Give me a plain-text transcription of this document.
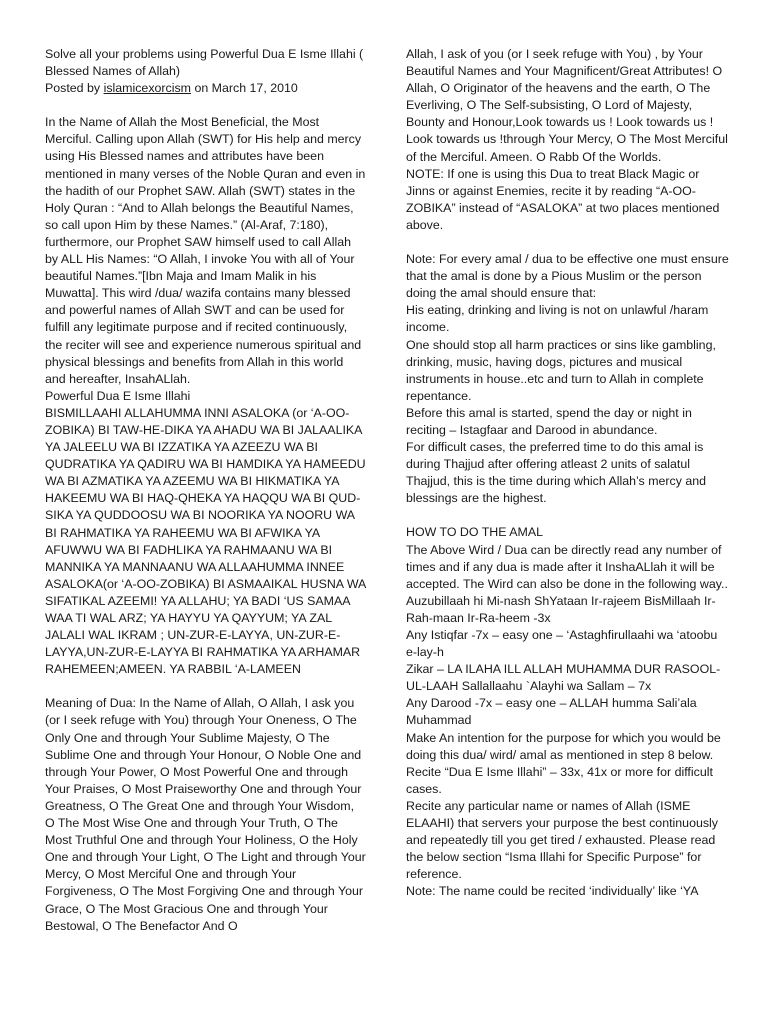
Solve all your problems using Powerful Dua E Isme Illahi ( Blessed Names of Allah)

Posted by islamicexorcism on March 17, 2010

In the Name of Allah the Most Beneficial, the Most Merciful. Calling upon Allah (SWT) for His help and mercy using His Blessed names and attributes have been mentioned in many verses of the Noble Quran and even in the hadith of our Prophet SAW. Allah (SWT) states in the Holy Quran : “And to Allah belongs the Beautiful Names, so call upon Him by these Names.” (Al-Araf, 7:180), furthermore, our Prophet SAW himself used to call Allah by ALL His Names: “O Allah, I invoke You with all of Your beautiful Names.”[Ibn Maja and Imam Malik in his Muwatta]. This wird /dua/ wazifa contains many blessed and powerful names of Allah SWT and can be used for fulfill any legitimate purpose and if recited continuously, the reciter will see and experience numerous spiritual and physical blessings and benefits from Allah in this world and hereafter, InsahALlah.

Powerful Dua E Isme Illahi

BISMILLAAHI ALLAHUMMA INNI ASALOKA (or ‘A-OO-ZOBIKA) BI TAW-HE-DIKA YA AHADU WA BI JALAALIKA YA JALEELU WA BI IZZATIKA YA AZEEZU WA BI QUDRATIKA YA QADIRU WA BI HAMDIKA YA HAMEEDU WA BI AZMATIKA YA AZEEMU WA BI HIKMATIKA YA HAKEEMU WA BI HAQ-QHEKA YA HAQQU WA BI QUD-SIKA YA QUDDOOSU WA BI NOORIKA YA NOORU WA BI RAHMATIKA YA RAHEEMU WA BI AFWIKA YA AFUWWU WA BI FADHLIKA YA RAHMAANU WA BI MANNIKA YA MANNAANU WA ALLAAHUMMA INNEE ASALOKA(or ‘A-OO-ZOBIKA) BI ASMAAIKAL HUSNA WA SIFATIKAL AZEEMI! YA ALLAHU; YA BADI ‘US SAMAA WAA TI WAL ARZ; YA HAYYU YA QAYYUM; YA ZAL JALALI WAL IKRAM ; UN-ZUR-E-LAYYA, UN-ZUR-E-LAYYA,UN-ZUR-E-LAYYA BI RAHMATIKA YA ARHAMAR RAHEMEEN;AMEEN. YA RABBIL ‘A-LAMEEN

Meaning of Dua: In the Name of Allah, O Allah, I ask you (or I seek refuge with You) through Your Oneness, O The Only One and through Your Sublime Majesty, O The Sublime One and through Your Honour, O Noble One and through Your Power, O Most Powerful One and through Your Praises, O Most Praiseworthy One and through Your Greatness, O The Great One and through Your Wisdom, O The Most Wise One and through Your Truth, O The Most Truthful One and through Your Holiness, O the Holy One and through Your Light, O The Light and through Your Mercy, O Most Merciful One and through Your Forgiveness, O The Most Forgiving One and through Your Grace, O The Most Gracious One and through Your Bestowal, O The Benefactor And O

Allah, I ask of you (or I seek refuge with You) , by Your Beautiful Names and Your Magnificent/Great Attributes! O Allah, O Originator of the heavens and the earth, O The Everliving, O The Self-subsisting, O Lord of Majesty, Bounty and Honour,Look towards us ! Look towards us ! Look towards us !through Your Mercy, O The Most Merciful of the Merciful. Ameen. O Rabb Of the Worlds.

NOTE: If one is using this Dua to treat Black Magic or Jinns or against Enemies, recite it by reading “A-OO-ZOBIKA” instead of “ASALOKA” at two places mentioned above.

Note: For every amal / dua to be effective one must ensure that the amal is done by a Pious Muslim or the person doing the amal should ensure that:

His eating, drinking and living is not on unlawful /haram income.

One should stop all harm practices or sins like gambling, drinking, music, having dogs, pictures and musical instruments in house..etc and turn to Allah in complete repentance.

Before this amal is started, spend the day or night in reciting – Istagfaar and Darood in abundance.

For difficult cases, the preferred time to do this amal is during Thajjud after offering atleast 2 units of salatul Thajjud, this is the time during which Allah’s mercy and blessings are the highest.

HOW TO DO THE AMAL

The Above Wird / Dua can be directly read any number of times and if any dua is made after it InshaALlah it will be accepted. The Wird can also be done in the following way..

Auzubillaah hi Mi-nash ShYataan Ir-rajeem BisMillaah Ir-Rah-maan Ir-Ra-heem -3x

Any Istiqfar -7x – easy one – ‘Astaghfirullaahi wa ‘atoobu e-lay-h

Zikar – LA ILAHA ILL ALLAH MUHAMMA DUR RASOOL-UL-LAAH Sallallaahu `Alayhi wa Sallam – 7x

Any Darood -7x – easy one – ALLAH humma Sali’ala Muhammad

Make An intention for the purpose for which you would be doing this dua/ wird/ amal as mentioned in step 8 below.

Recite “Dua E Isme Illahi” – 33x, 41x or more for difficult cases.

Recite any particular name or names of Allah (ISME ELAAHI) that servers your purpose the best continuously and repeatedly till you get tired / exhausted. Please read the below section “Isma Illahi for Specific Purpose” for reference.

Note: The name could be recited ‘individually’ like ‘YA
